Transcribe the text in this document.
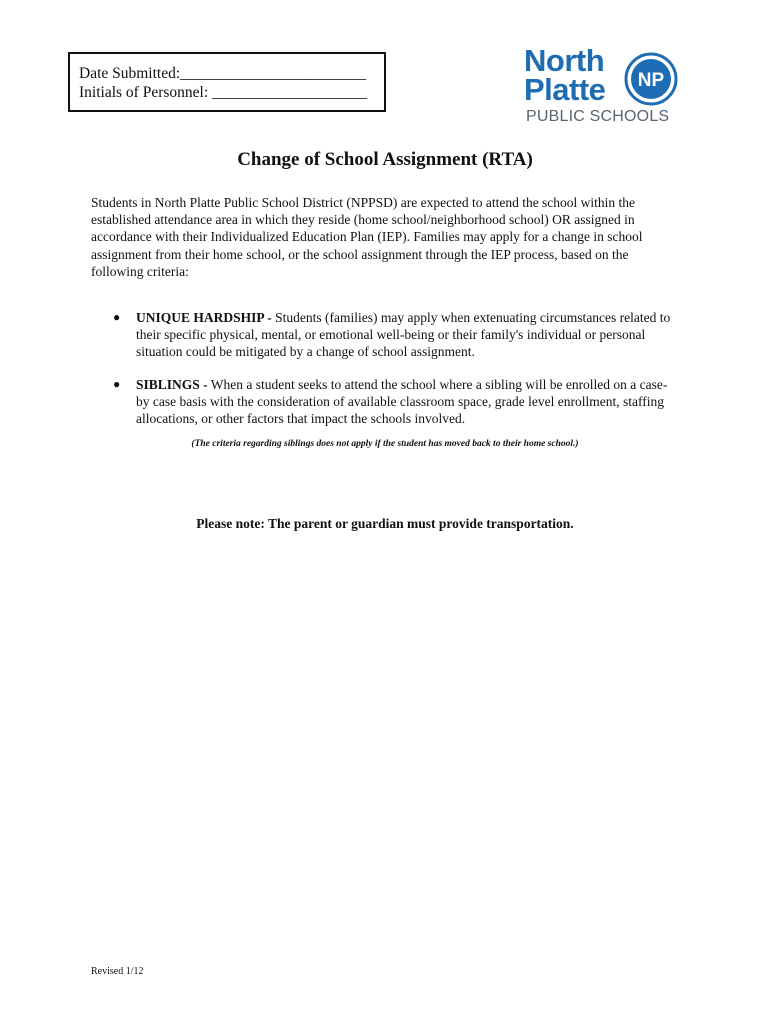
Date Submitted:________________________
Initials of Personnel: ____________________
North
Platte
PUBLIC SCHOOLS
NP
Change of School Assignment (RTA)

Students in North Platte Public School District (NPPSD) are expected to attend the school within the established attendance area in which they reside (home school/neighborhood school) OR assigned in accordance with their Individualized Education Plan (IEP). Families may apply for a change in school assignment from their home school, or the school assignment through the IEP process, based on the following criteria:

● UNIQUE HARDSHIP - Students (families) may apply when extenuating circumstances related to their specific physical, mental, or emotional well-being or their family's individual or personal situation could be mitigated by a change of school assignment.
● SIBLINGS - When a student seeks to attend the school where a sibling will be enrolled on a case-by case basis with the consideration of available classroom space, grade level enrollment, staffing allocations, or other factors that impact the schools involved.
(The criteria regarding siblings does not apply if the student has moved back to their home school.)
Please note: The parent or guardian must provide transportation.
Revised 1/12
